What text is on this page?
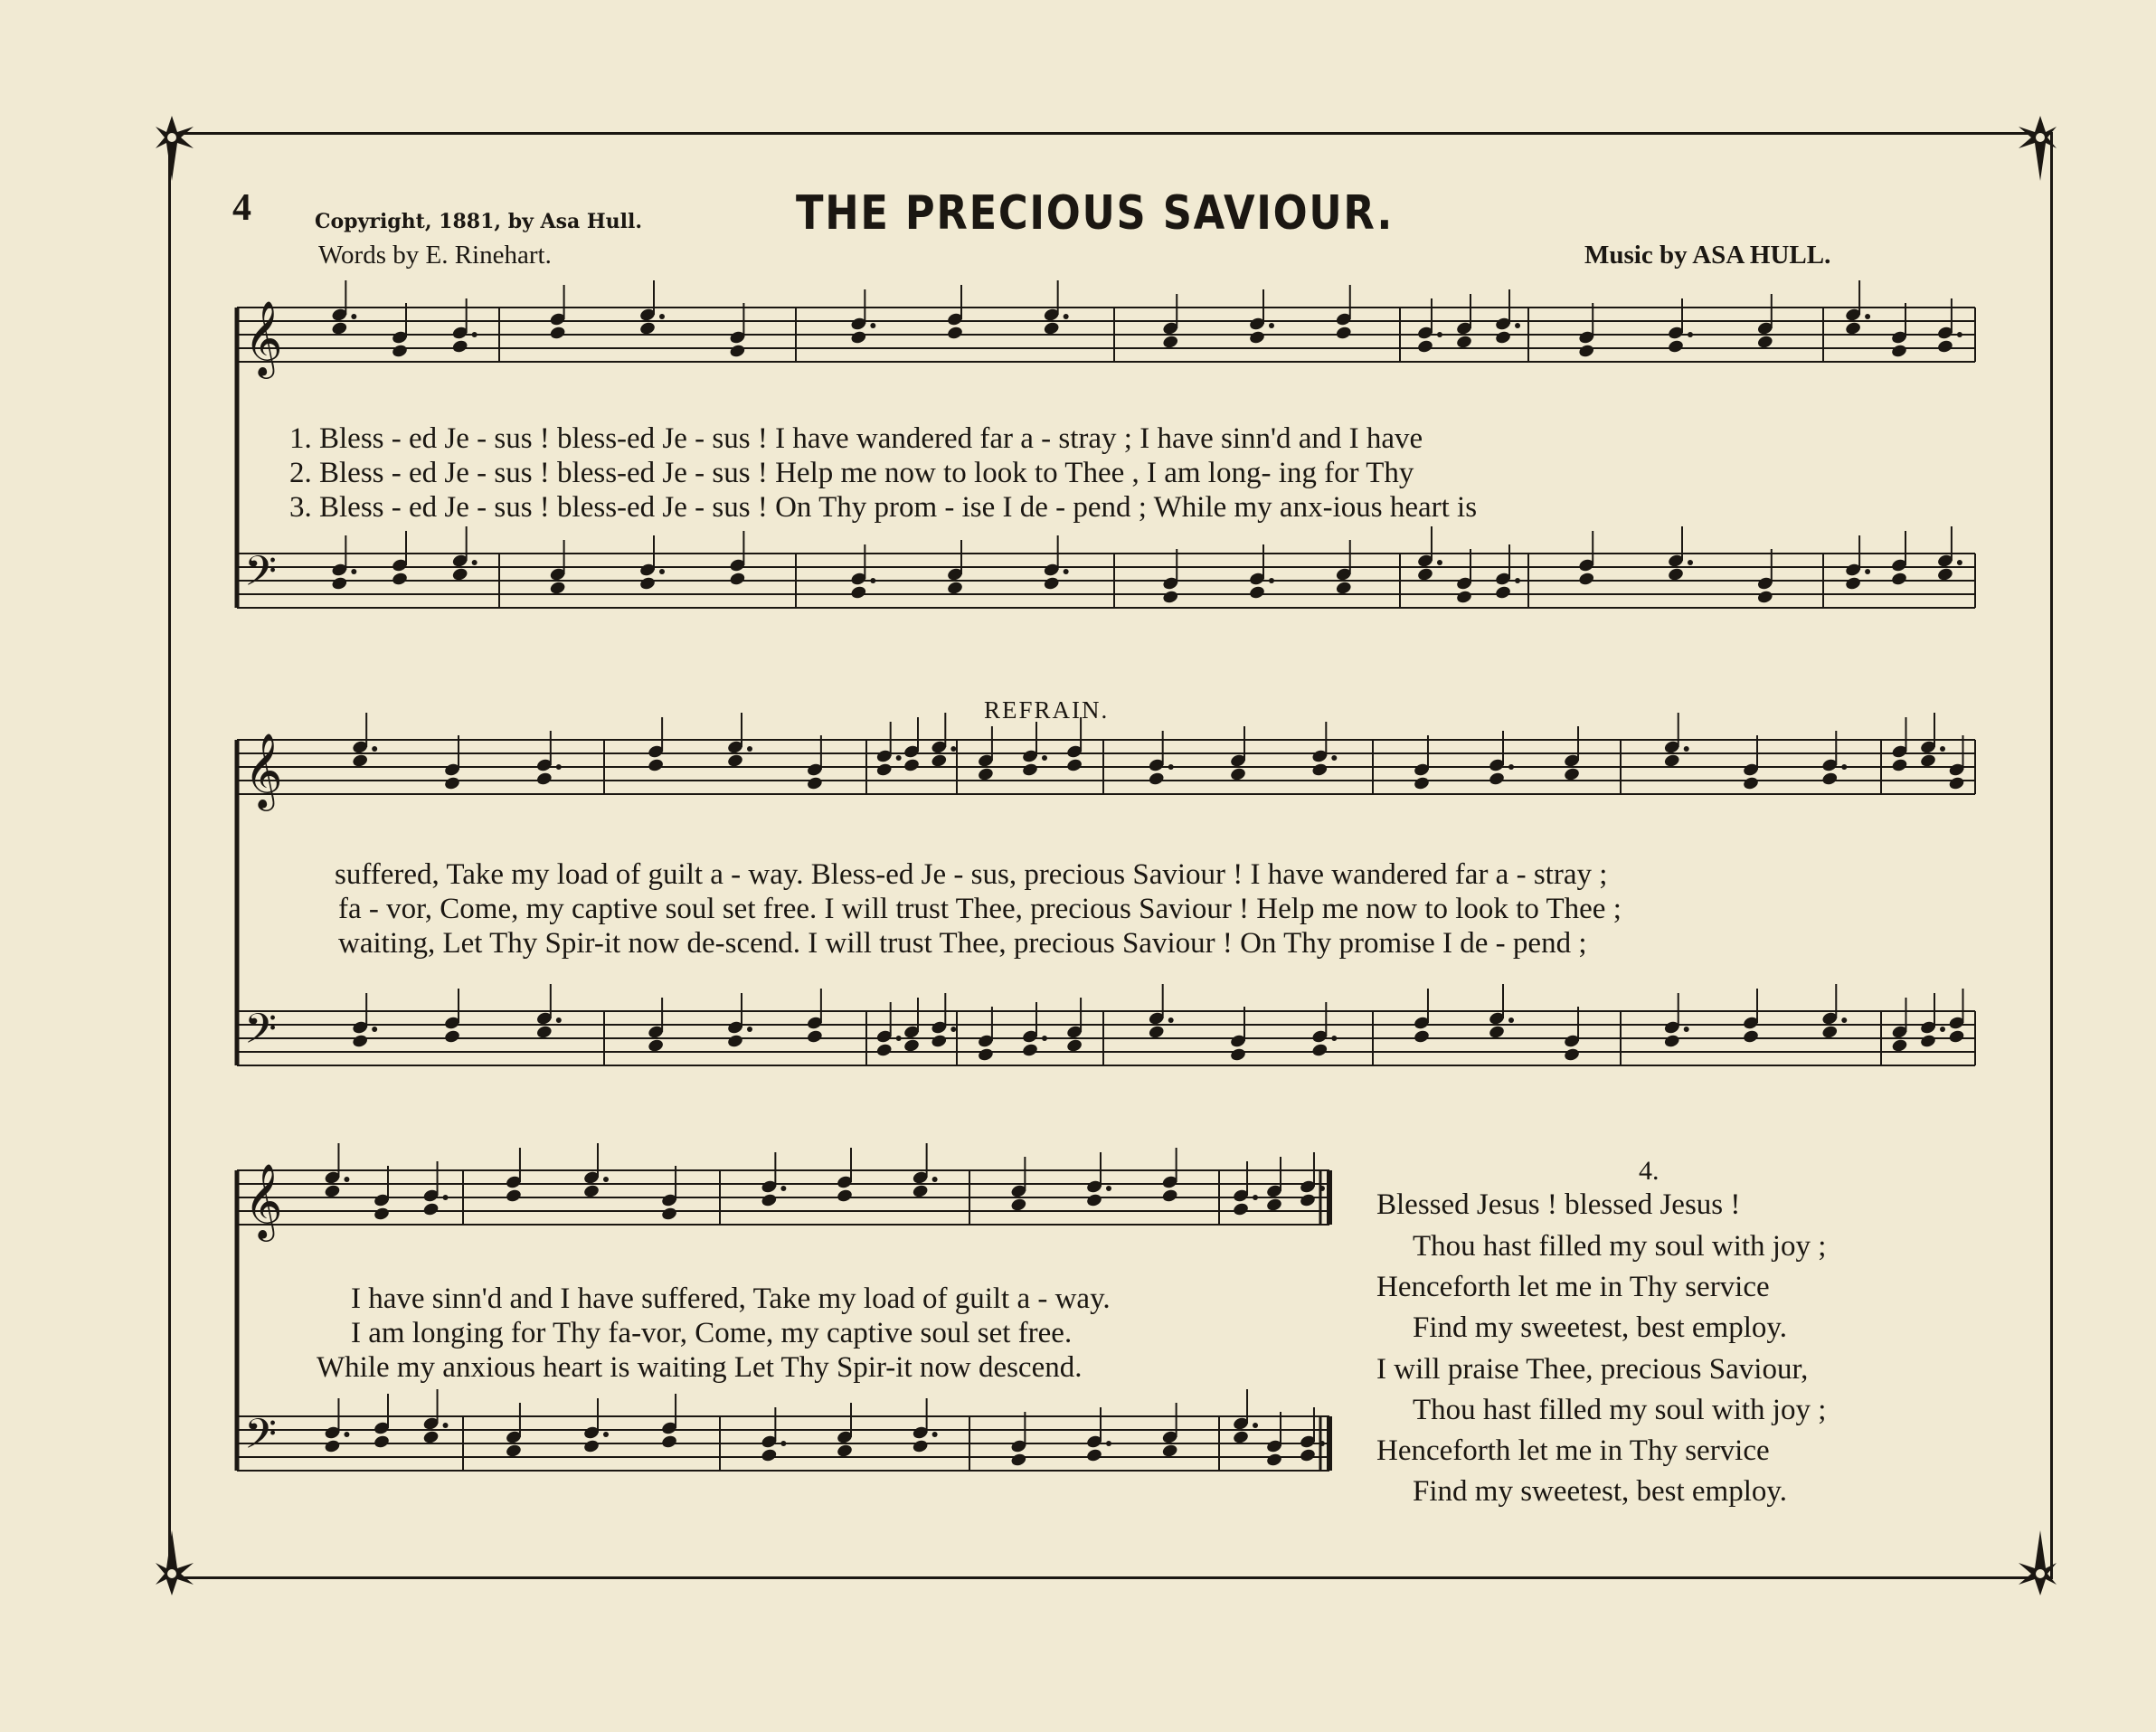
4	Copyright, 1881, by Asa Hull.	THE PRECIOUS SAVIOUR.
Words by E. Rinehart.	Music by ASA HULL.
𝄞
𝄢
𝄞
𝄢
𝄞
𝄢
REFRAIN.
1. Bless - ed Je - sus ! bless-ed Je - sus ! I have wandered far a - stray ; I have sinn'd and I have
2. Bless - ed Je - sus ! bless-ed Je - sus ! Help me now to look to Thee , I am long- ing for Thy
3. Bless - ed Je - sus ! bless-ed Je - sus ! On Thy prom - ise I de - pend ; While my anx-ious heart is
suffered, Take my load of guilt a - way. Bless-ed Je - sus, precious Saviour ! I have wandered far a - stray ;
fa - vor, Come, my captive soul set free. I will trust Thee, precious Saviour ! Help me now to look to Thee ;
waiting, Let Thy Spir-it now de-scend. I will trust Thee, precious Saviour ! On Thy promise I de - pend ;
I have sinn'd and I have suffered, Take my load of guilt a - way.
I am longing for Thy fa-vor, Come, my captive soul set free.
While my anxious heart is waiting Let Thy Spir-it now descend.
4.
Blessed Jesus ! blessed Jesus !
Thou hast filled my soul with joy ;
Henceforth let me in Thy service
Find my sweetest, best employ.
I will praise Thee, precious Saviour,
Thou hast filled my soul with joy ;
Henceforth let me in Thy service
Find my sweetest, best employ.
